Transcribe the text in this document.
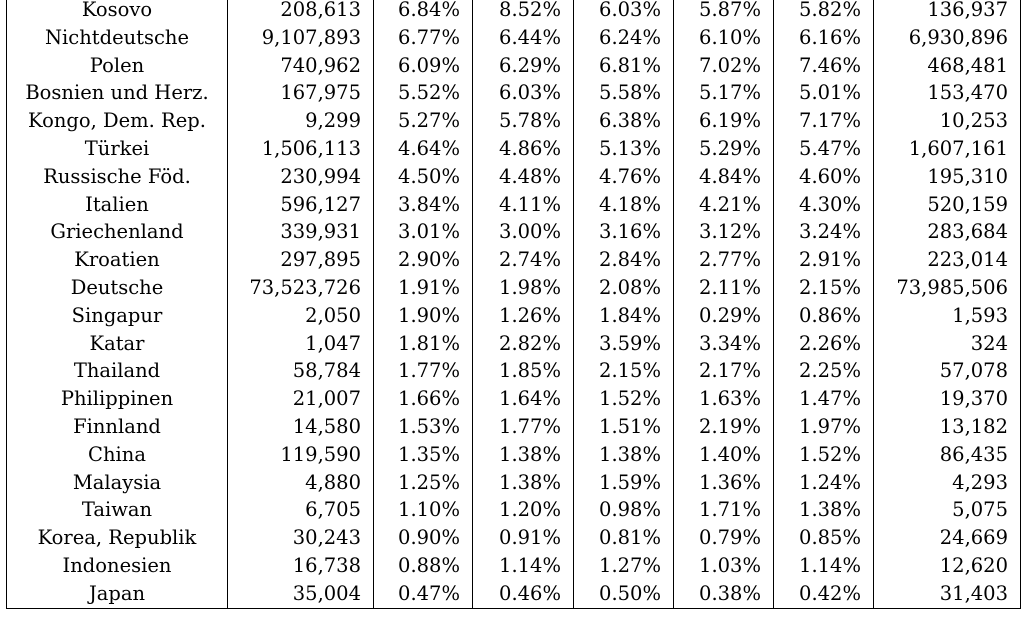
Kosovo	208,613	6.84%	8.52%	6.03%	5.87%	5.82%	136,937
Nichtdeutsche	9,107,893	6.77%	6.44%	6.24%	6.10%	6.16%	6,930,896
Polen	740,962	6.09%	6.29%	6.81%	7.02%	7.46%	468,481
Bosnien und Herz.	167,975	5.52%	6.03%	5.58%	5.17%	5.01%	153,470
Kongo, Dem. Rep.	9,299	5.27%	5.78%	6.38%	6.19%	7.17%	10,253
Türkei	1,506,113	4.64%	4.86%	5.13%	5.29%	5.47%	1,607,161
Russische Föd.	230,994	4.50%	4.48%	4.76%	4.84%	4.60%	195,310
Italien	596,127	3.84%	4.11%	4.18%	4.21%	4.30%	520,159
Griechenland	339,931	3.01%	3.00%	3.16%	3.12%	3.24%	283,684
Kroatien	297,895	2.90%	2.74%	2.84%	2.77%	2.91%	223,014
Deutsche	73,523,726	1.91%	1.98%	2.08%	2.11%	2.15%	73,985,506
Singapur	2,050	1.90%	1.26%	1.84%	0.29%	0.86%	1,593
Katar	1,047	1.81%	2.82%	3.59%	3.34%	2.26%	324
Thailand	58,784	1.77%	1.85%	2.15%	2.17%	2.25%	57,078
Philippinen	21,007	1.66%	1.64%	1.52%	1.63%	1.47%	19,370
Finnland	14,580	1.53%	1.77%	1.51%	2.19%	1.97%	13,182
China	119,590	1.35%	1.38%	1.38%	1.40%	1.52%	86,435
Malaysia	4,880	1.25%	1.38%	1.59%	1.36%	1.24%	4,293
Taiwan	6,705	1.10%	1.20%	0.98%	1.71%	1.38%	5,075
Korea, Republik	30,243	0.90%	0.91%	0.81%	0.79%	0.85%	24,669
Indonesien	16,738	0.88%	1.14%	1.27%	1.03%	1.14%	12,620
Japan	35,004	0.47%	0.46%	0.50%	0.38%	0.42%	31,403
